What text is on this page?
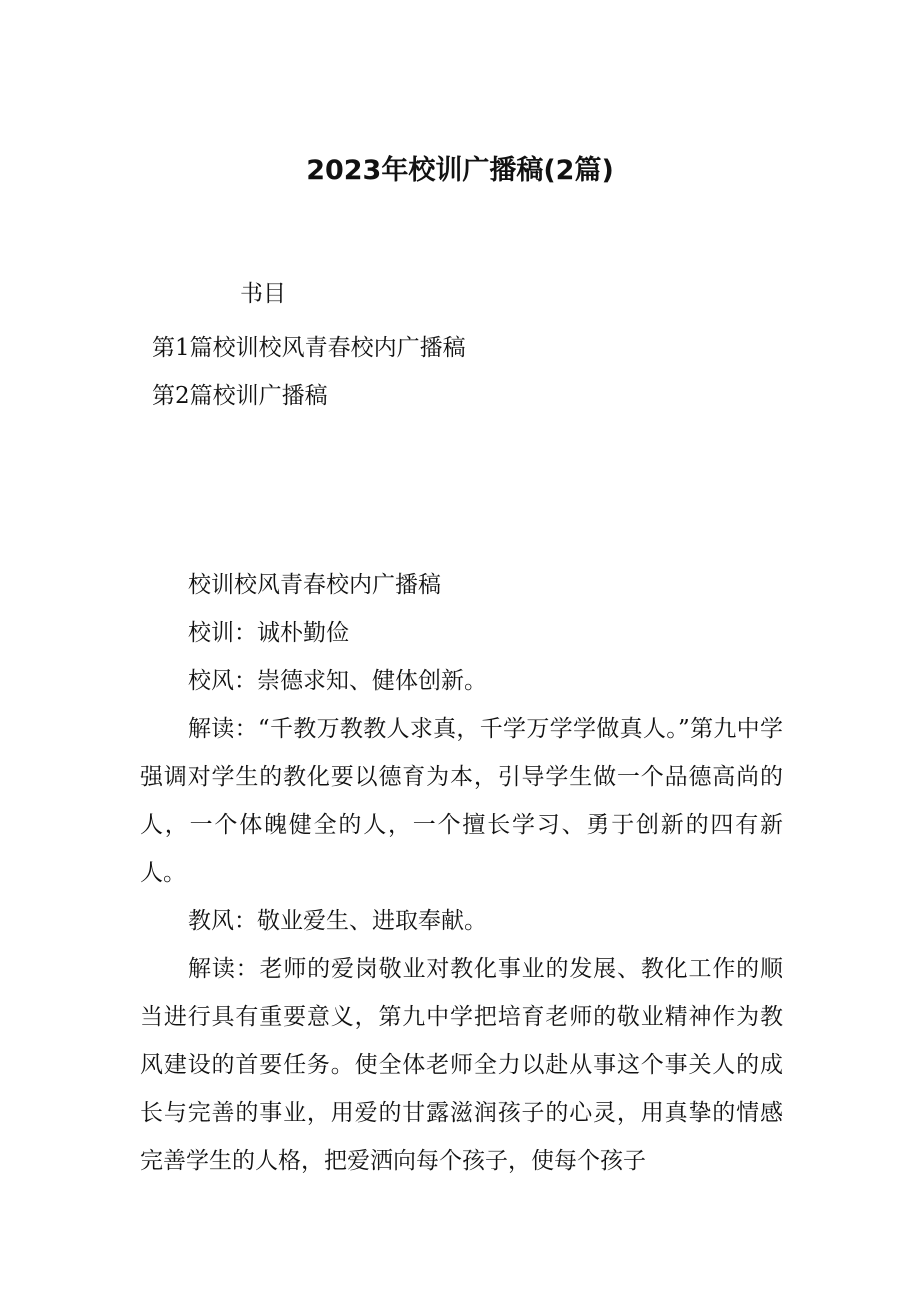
2023年校训广播稿(2篇)
书目
第1篇校训校风青春校内广播稿
第2篇校训广播稿

校训校风青春校内广播稿

校训：诚朴勤俭

校风：崇德求知、健体创新。

解读：“千教万教教人求真，千学万学学做真人。”第九中学强调对学生的教化要以德育为本，引导学生做一个品德高尚的人，一个体魄健全的人，一个擅长学习、勇于创新的四有新人。

教风：敬业爱生、进取奉献。

解读：老师的爱岗敬业对教化事业的发展、教化工作的顺当进行具有重要意义，第九中学把培育老师的敬业精神作为教风建设的首要任务。使全体老师全力以赴从事这个事关人的成长与完善的事业，用爱的甘露滋润孩子的心灵，用真挚的情感完善学生的人格，把爱洒向每个孩子，使每个孩子
